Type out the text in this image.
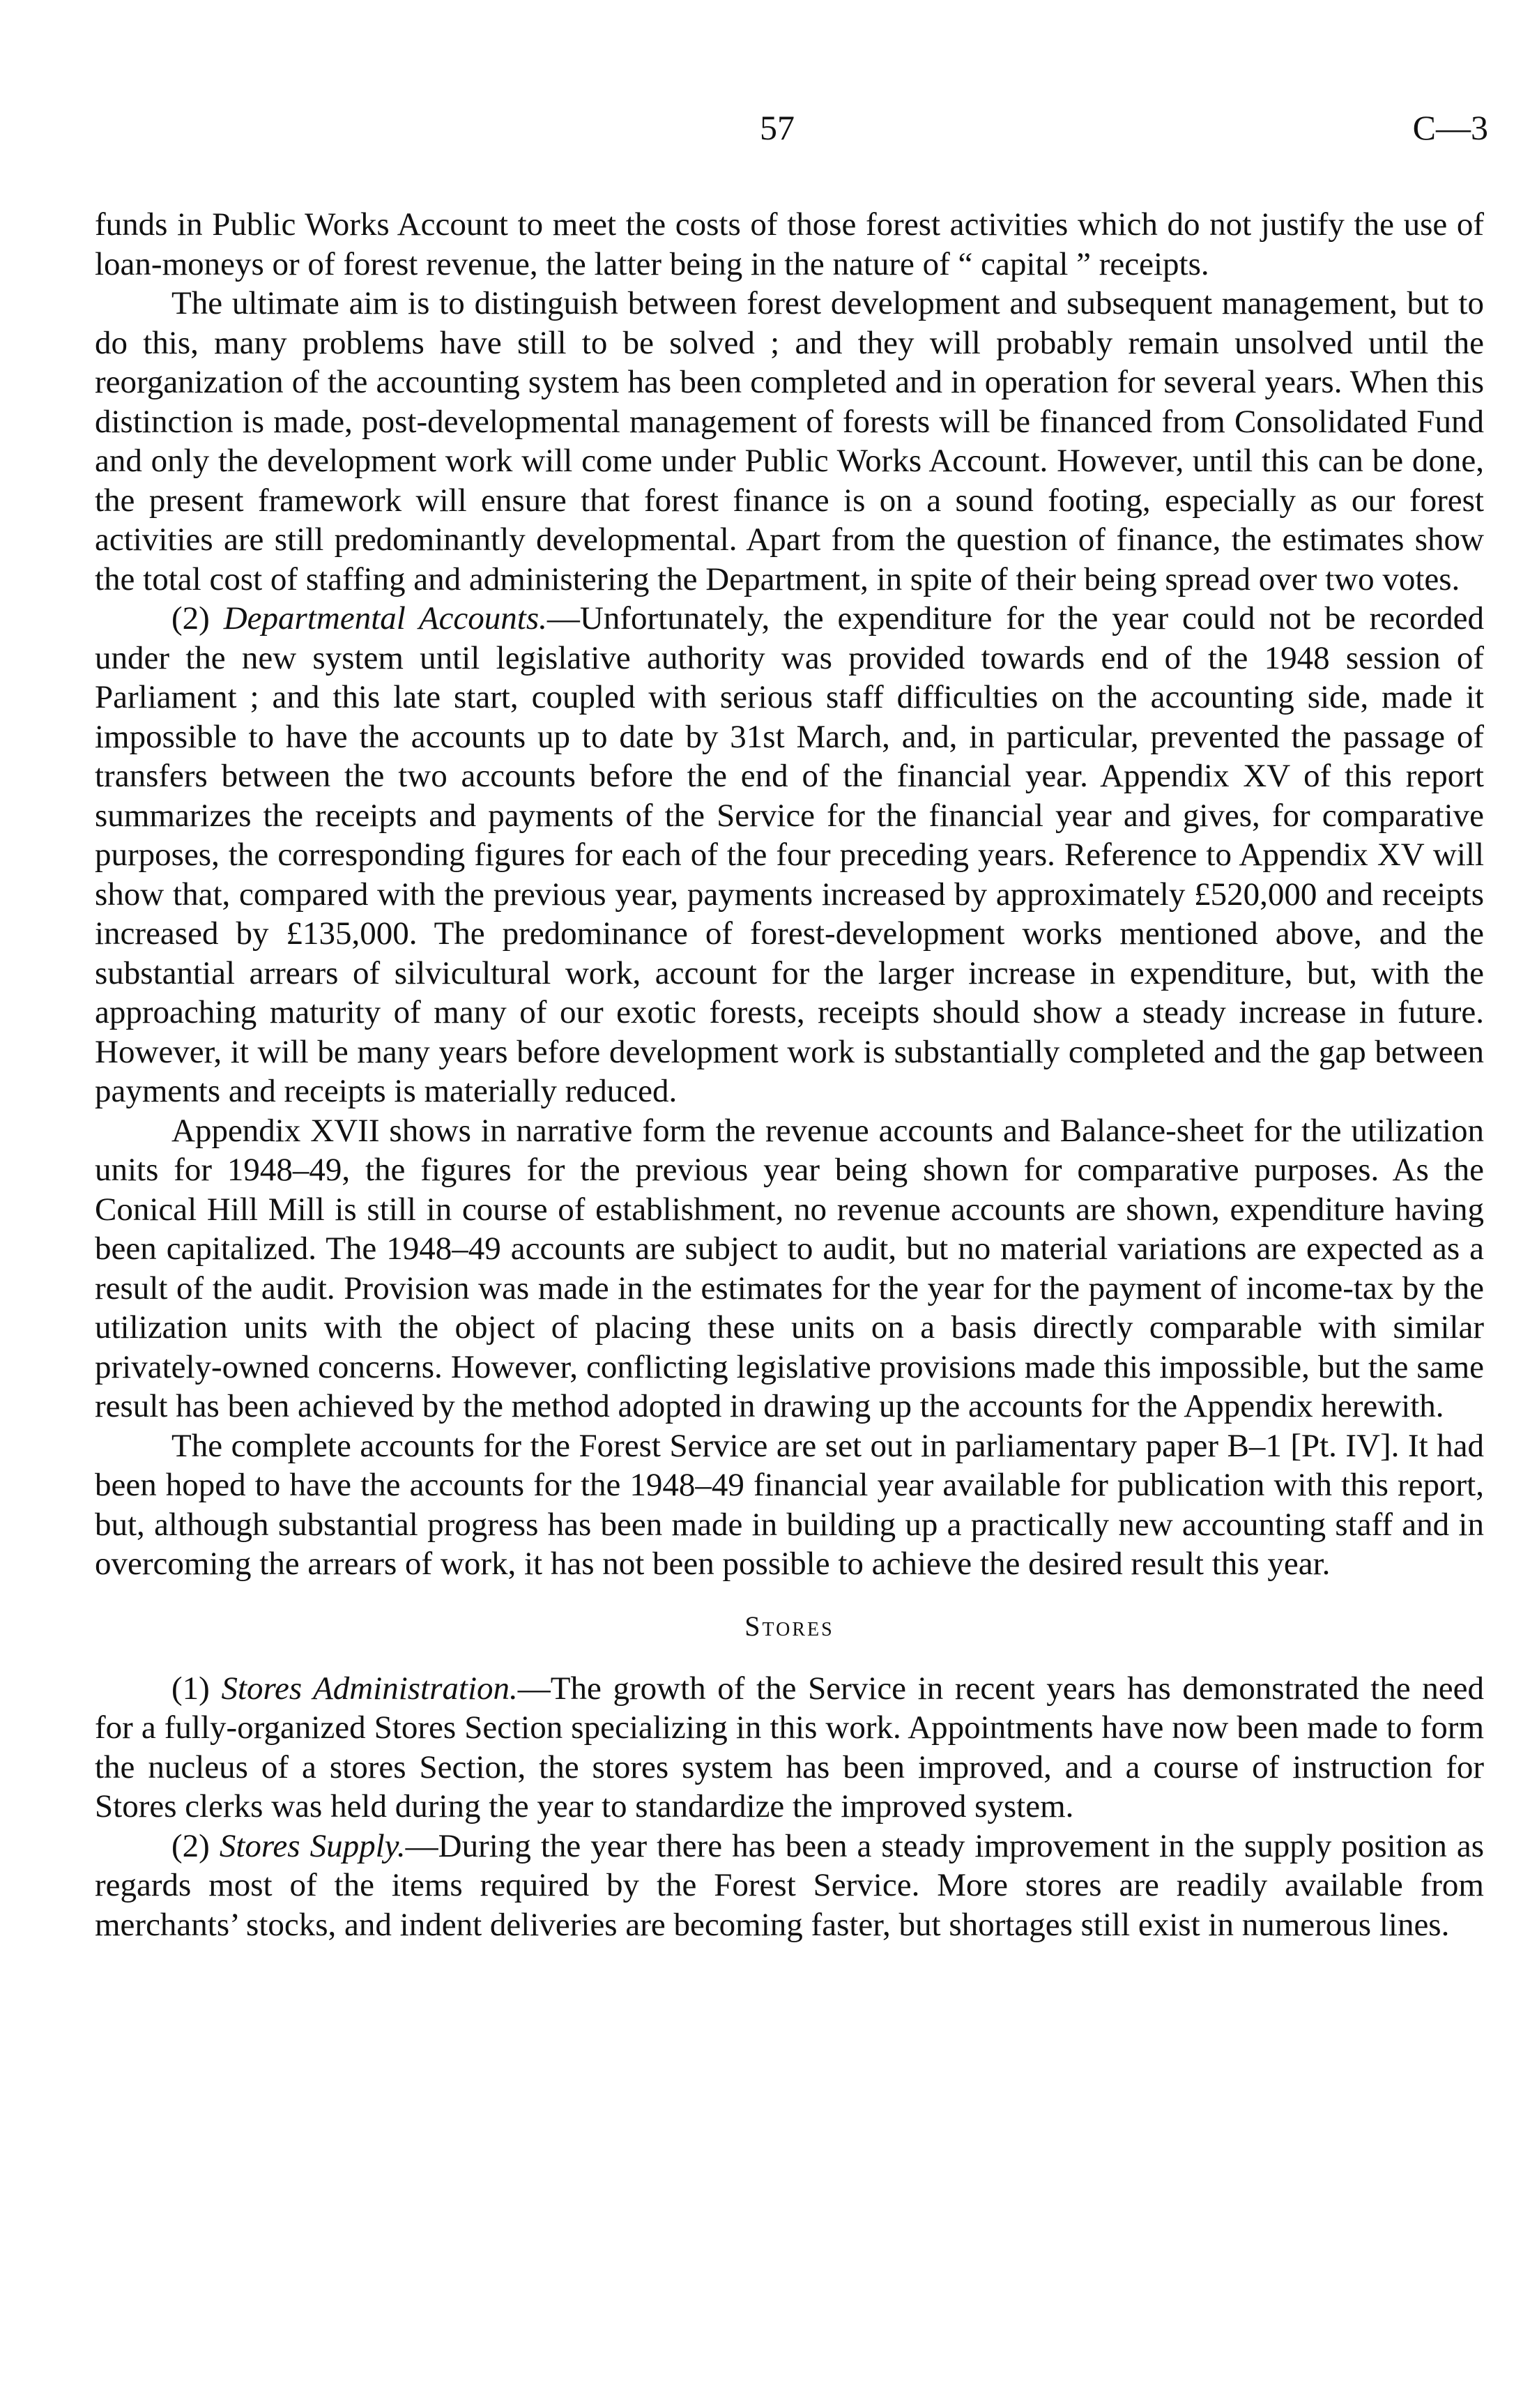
57	C—3

funds in Public Works Account to meet the costs of those forest activities which do not justify the use of loan-moneys or of forest revenue, the latter being in the nature of “ capital ” receipts.

The ultimate aim is to distinguish between forest development and subsequent management, but to do this, many problems have still to be solved ; and they will probably remain unsolved until the reorganization of the accounting system has been completed and in operation for several years. When this distinction is made, post-developmental management of forests will be financed from Consolidated Fund and only the development work will come under Public Works Account. However, until this can be done, the present framework will ensure that forest finance is on a sound footing, especially as our forest activities are still predominantly developmental. Apart from the question of finance, the estimates show the total cost of staffing and administering the Department, in spite of their being spread over two votes.

(2) Departmental Accounts.—Unfortunately, the expenditure for the year could not be recorded under the new system until legislative authority was provided towards end of the 1948 session of Parliament ; and this late start, coupled with serious staff difficulties on the accounting side, made it impossible to have the accounts up to date by 31st March, and, in particular, prevented the passage of transfers between the two accounts before the end of the financial year. Appendix XV of this report summarizes the receipts and payments of the Service for the financial year and gives, for comparative purposes, the corresponding figures for each of the four preceding years. Reference to Appendix XV will show that, compared with the previous year, payments increased by approximately £520,000 and receipts increased by £135,000. The predominance of forest-development works mentioned above, and the substantial arrears of silvicultural work, account for the larger increase in expenditure, but, with the approaching maturity of many of our exotic forests, receipts should show a steady increase in future. However, it will be many years before development work is substantially completed and the gap between payments and receipts is materially reduced.

Appendix XVII shows in narrative form the revenue accounts and Balance-sheet for the utilization units for 1948–49, the figures for the previous year being shown for comparative purposes. As the Conical Hill Mill is still in course of establishment, no revenue accounts are shown, expenditure having been capitalized. The 1948–49 accounts are subject to audit, but no material variations are expected as a result of the audit. Provision was made in the estimates for the year for the payment of income-tax by the utilization units with the object of placing these units on a basis directly comparable with similar privately-owned concerns. However, conflicting legislative provisions made this impossible, but the same result has been achieved by the method adopted in drawing up the accounts for the Appendix herewith.

The complete accounts for the Forest Service are set out in parliamentary paper B–1 [Pt. IV]. It had been hoped to have the accounts for the 1948–49 financial year available for publication with this report, but, although substantial progress has been made in building up a practically new accounting staff and in overcoming the arrears of work, it has not been possible to achieve the desired result this year.

Stores

(1) Stores Administration.—The growth of the Service in recent years has demonstrated the need for a fully-organized Stores Section specializing in this work. Appointments have now been made to form the nucleus of a stores Section, the stores system has been improved, and a course of instruction for Stores clerks was held during the year to standardize the improved system.

(2) Stores Supply.—During the year there has been a steady improvement in the supply position as regards most of the items required by the Forest Service. More stores are readily available from merchants’ stocks, and indent deliveries are becoming faster, but shortages still exist in numerous lines.
